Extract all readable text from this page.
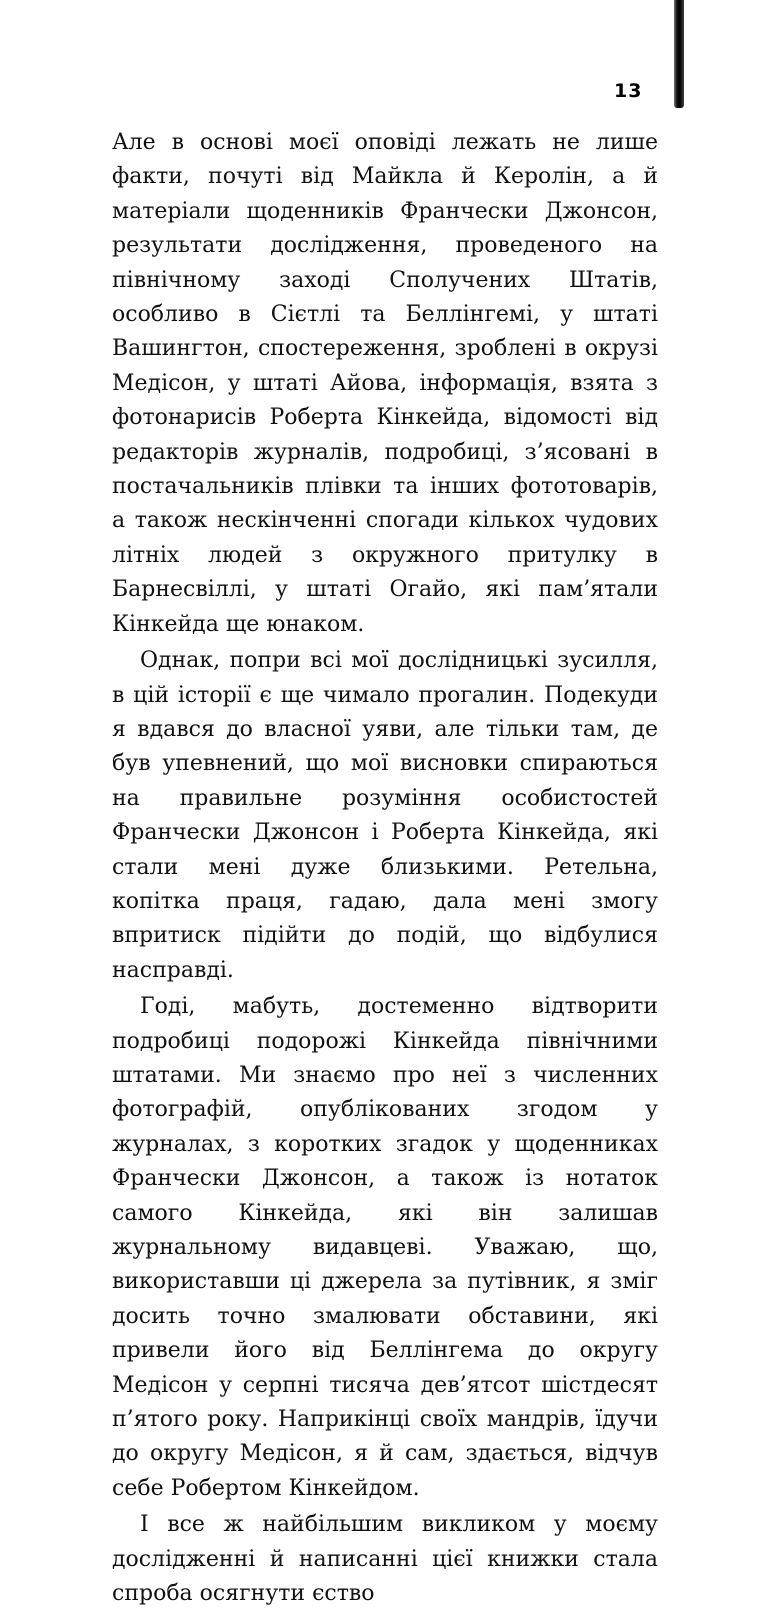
13

Але в основі моєї оповіді лежать не лише факти, почуті від Майкла й Керолін, а й матеріали щоденників Франчески Джонсон, результати дослідження, проведеного на північному заході Сполучених Штатів, особливо в Сієтлі та Беллінгемі, у штаті Вашингтон, спостереження, зроблені в окрузі Медісон, у штаті Айова, інформація, взята з фотонарисів Роберта Кінкейда, відомості від редакторів журналів, подробиці, з’ясовані в постачальників плівки та інших фототоварів, а також нескінченні спогади кількох чудових літніх людей з окружного притулку в Барнесвіллі, у штаті Огайо, які пам’ятали Кінкейда ще юнаком.

Однак, попри всі мої дослідницькі зусилля, в цій історії є ще чимало прогалин. Подекуди я вдався до власної уяви, але тільки там, де був упевнений, що мої висновки спираються на правильне розуміння особистостей Франчески Джонсон і Роберта Кінкейда, які стали мені дуже близькими. Ретельна, копітка праця, гадаю, дала мені змогу впритиск підійти до подій, що відбулися насправді.

Годі, мабуть, достеменно відтворити подробиці подорожі Кінкейда північними штатами. Ми знаємо про неї з численних фотографій, опублікованих згодом у журналах, з коротких згадок у щоденниках Франчески Джонсон, а також із нотаток самого Кінкейда, які він залишав журнальному видавцеві. Уважаю, що, використавши ці джерела за путівник, я зміг досить точно змалювати обставини, які привели його від Беллінгема до округу Медісон у серпні тисяча дев’ятсот шістдесят п’ятого року. Наприкінці своїх мандрів, їдучи до округу Медісон, я й сам, здається, відчув себе Робертом Кінкейдом.

І все ж найбільшим викликом у моєму дослідженні й написанні цієї книжки стала спроба осягнути єство
